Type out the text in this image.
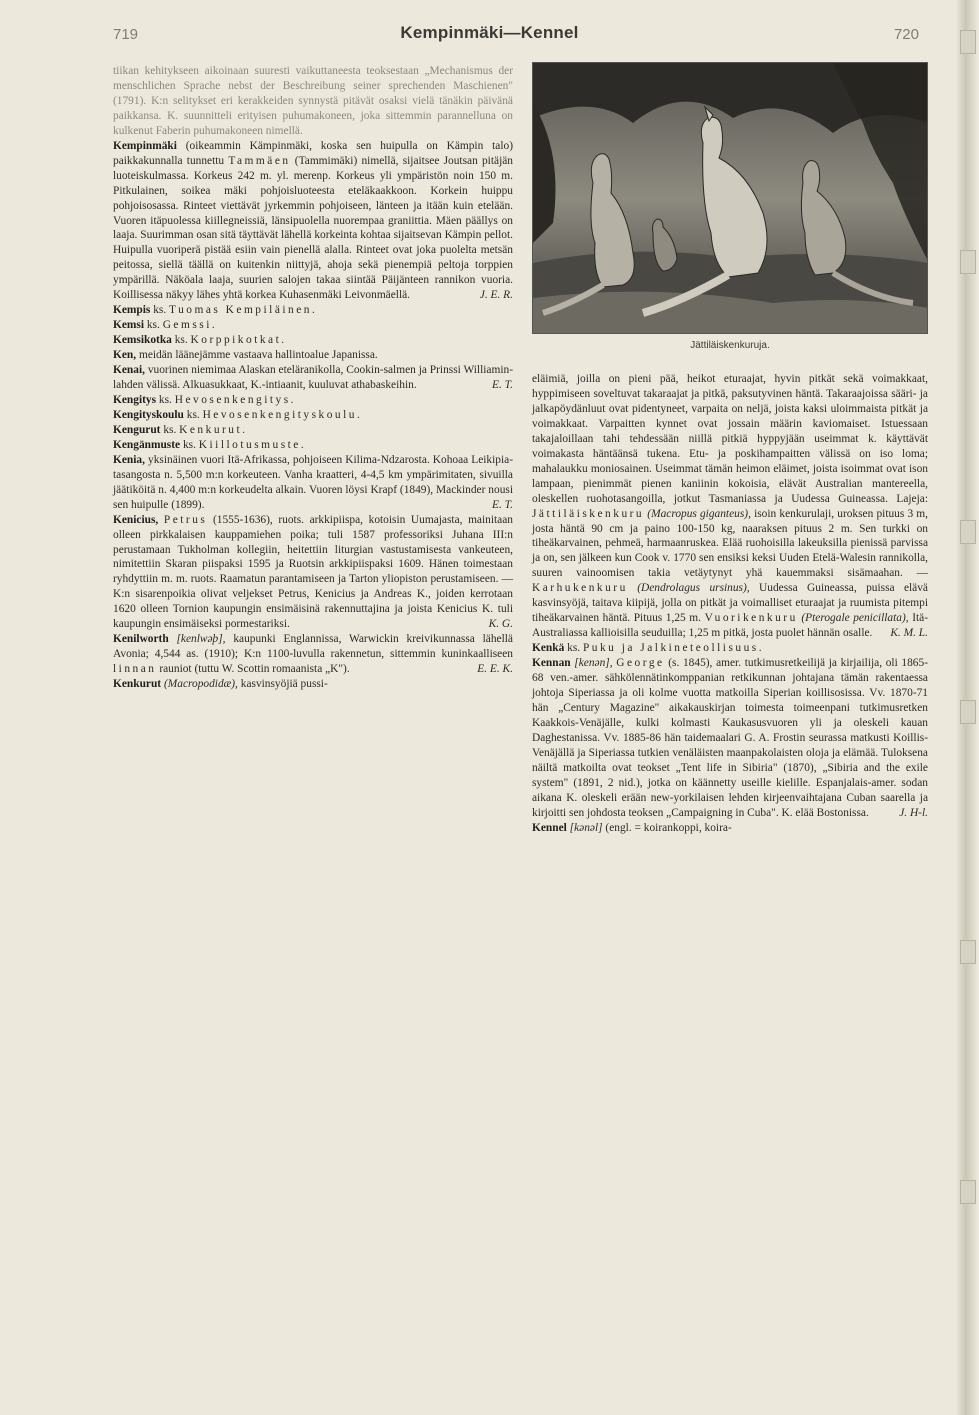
719	Kempinmäki—Kennel	720

tiikan kehitykseen aikoinaan suuresti vaikuttaneesta teoksestaan „Mechanismus der menschlichen Sprache nebst der Beschreibung seiner sprechenden Maschienen" (1791). K:n selitykset eri kerakkeiden synnystä pitävät osaksi vielä tänäkin päivänä paikkansa. K. suunnitteli erityisen puhumakoneen, joka sittemmin parannelluna on kulkenut Faberin puhumakoneen nimellä.

Kempinmäki (oikeammin Kämpinmäki, koska sen huipulla on Kämpin talo) paikkakunnalla tunnettu Tammäen (Tammimäki) nimellä, sijaitsee Joutsan pitäjän luoteiskulmassa. Korkeus 242 m. yl. merenp. Korkeus yli ympäristön noin 150 m. Pitkulainen, soikea mäki pohjoisluoteesta eteläkaakkoon. Korkein huippu pohjoisosassa. Rinteet viettävät jyrkemmin pohjoiseen, länteen ja itään kuin etelään. Vuoren itäpuolessa kiillegneissiä, länsipuolella nuorempaa graniittia. Mäen päällys on laaja. Suurimman osan sitä täyttävät lähellä korkeinta kohtaa sijaitsevan Kämpin pellot. Huipulla vuoriperä pistää esiin vain pienellä alalla. Rinteet ovat joka puolelta metsän peitossa, siellä täällä on kuitenkin niittyjä, ahoja sekä pienempiä peltoja torppien ympärillä. Näköala laaja, suurien salojen takaa siintää Päijänteen rannikon vuoria. Koillisessa näkyy lähes yhtä korkea Kuhasenmäki Leivonmäellä.	J. E. R.

Kempis ks. Tuomas Kempiläinen.

Kemsi ks. Gemssi.

Kemsikotka ks. Korppikotkat.

Ken, meidän läänejämme vastaava hallintoalue Japanissa.

Kenai, vuorinen niemimaa Alaskan eteläranikolla, Cookin-salmen ja Prinssi Williamin-lahden välissä. Alkuasukkaat, K.-intiaanit, kuuluvat athabaskeihin.	E. T.

Kengitys ks. Hevosenkengitys.

Kengityskoulu ks. Hevosenkengityskoulu.

Kengurut ks. Kenkurut.

Kengänmuste ks. Kiillotusmuste.

Kenia, yksinäinen vuori Itä-Afrikassa, pohjoiseen Kilima-Ndzarosta. Kohoaa Leikipia-tasangosta n. 5,500 m:n korkeuteen. Vanha kraatteri, 4-4,5 km ympärimitaten, sivuilla jäätiköitä n. 4,400 m:n korkeudelta alkain. Vuoren löysi Krapf (1849), Mackinder nousi sen huipulle (1899).	E. T.

Kenicius, Petrus (1555-1636), ruots. arkkipiispa, kotoisin Uumajasta, mainitaan olleen pirkkalaisen kauppamiehen poika; tuli 1587 professoriksi Juhana III:n perustamaan Tukholman kollegiin, heitettiin liturgian vastustamisesta vankeuteen, nimitettiin Skaran piispaksi 1595 ja Ruotsin arkkipiispaksi 1609. Hänen toimestaan ryhdyttiin m. m. ruots. Raamatun parantamiseen ja Tarton yliopiston perustamiseen. — K:n sisarenpoikia olivat veljekset Petrus, Kenicius ja Andreas K., joiden kerrotaan 1620 olleen Tornion kaupungin ensimäisinä rakennuttajina ja joista Kenicius K. tuli kaupungin ensimäiseksi pormestariksi.	K. G.

Kenilworth [kenlwəþ], kaupunki Englannissa, Warwickin kreivikunnassa lähellä Avonia; 4,544 as. (1910); K:n 1100-luvulla rakennetun, sittemmin kuninkaalliseen linnan rauniot (tuttu W. Scottin romaanista „K").	E. E. K.

Kenkurut (Macropodidæ), kasvinsyöjiä pussi-

Jättiläiskenkuruja.

eläimiä, joilla on pieni pää, heikot eturaajat, hyvin pitkät sekä voimakkaat, hyppimiseen soveltuvat takaraajat ja pitkä, paksutyvinen häntä. Takaraajoissa sääri- ja jalkapöydänluut ovat pidentyneet, varpaita on neljä, joista kaksi uloimmaista pitkät ja voimakkaat. Varpaitten kynnet ovat jossain määrin kaviomaiset. Istuessaan takajaloillaan tahi tehdessään niillä pitkiä hyppyjään useimmat k. käyttävät voimakasta häntäänsä tukena. Etu- ja poskihampaitten välissä on iso loma; mahalaukku moniosainen. Useimmat tämän heimon eläimet, joista isoimmat ovat ison lampaan, pienimmät pienen kaniinin kokoisia, elävät Australian mantereella, oleskellen ruohotasangoilla, jotkut Tasmaniassa ja Uudessa Guineassa. Lajeja: Jättiläiskenkuru (Macropus giganteus), isoin kenkurulaji, uroksen pituus 3 m, josta häntä 90 cm ja paino 100-150 kg, naaraksen pituus 2 m. Sen turkki on tiheäkarvainen, pehmeä, harmaanruskea. Elää ruohoisilla lakeuksilla pienissä parvissa ja on, sen jälkeen kun Cook v. 1770 sen ensiksi keksi Uuden Etelä-Walesin rannikolla, suuren vainoomisen takia vetäytynyt yhä kauemmaksi sisämaahan. — Karhukenkuru (Dendrolagus ursinus), Uudessa Guineassa, puissa elävä kasvinsyöjä, taitava kiipijä, jolla on pitkät ja voimalliset eturaajat ja ruumista pitempi tiheäkarvainen häntä. Pituus 1,25 m. Vuorikenkuru (Pterogale penicillata), Itä-Australiassa kallioisilla seuduilla; 1,25 m pitkä, josta puolet hännän osalle.	K. M. L.

Kenkä ks. Puku ja Jalkineteollisuus.

Kennan [kenən], George (s. 1845), amer. tutkimusretkeilijä ja kirjailija, oli 1865-68 ven.-amer. sähkölennätinkomppanian retkikunnan johtajana tämän rakentaessa johtoja Siperiassa ja oli kolme vuotta matkoilla Siperian koillisosissa. Vv. 1870-71 hän „Century Magazine" aikakauskirjan toimesta toimeenpani tutkimusretken Kaakkois-Venäjälle, kulki kolmasti Kaukasusvuoren yli ja oleskeli kauan Daghestanissa. Vv. 1885-86 hän taidemaalari G. A. Frostin seurassa matkusti Koillis-Venäjällä ja Siperiassa tutkien venäläisten maanpakolaisten oloja ja elämää. Tuloksena näiltä matkoilta ovat teokset „Tent life in Sibiria" (1870), „Sibiria and the exile system" (1891, 2 nid.), jotka on käännetty useille kielille. Espanjalais-amer. sodan aikana K. oleskeli erään new-yorkilaisen lehden kirjeenvaihtajana Cuban saarella ja kirjoitti sen johdosta teoksen „Campaigning in Cuba". K. elää Bostonissa.	J. H-l.

Kennel [kənəl] (engl. = koirankoppi, koira-
